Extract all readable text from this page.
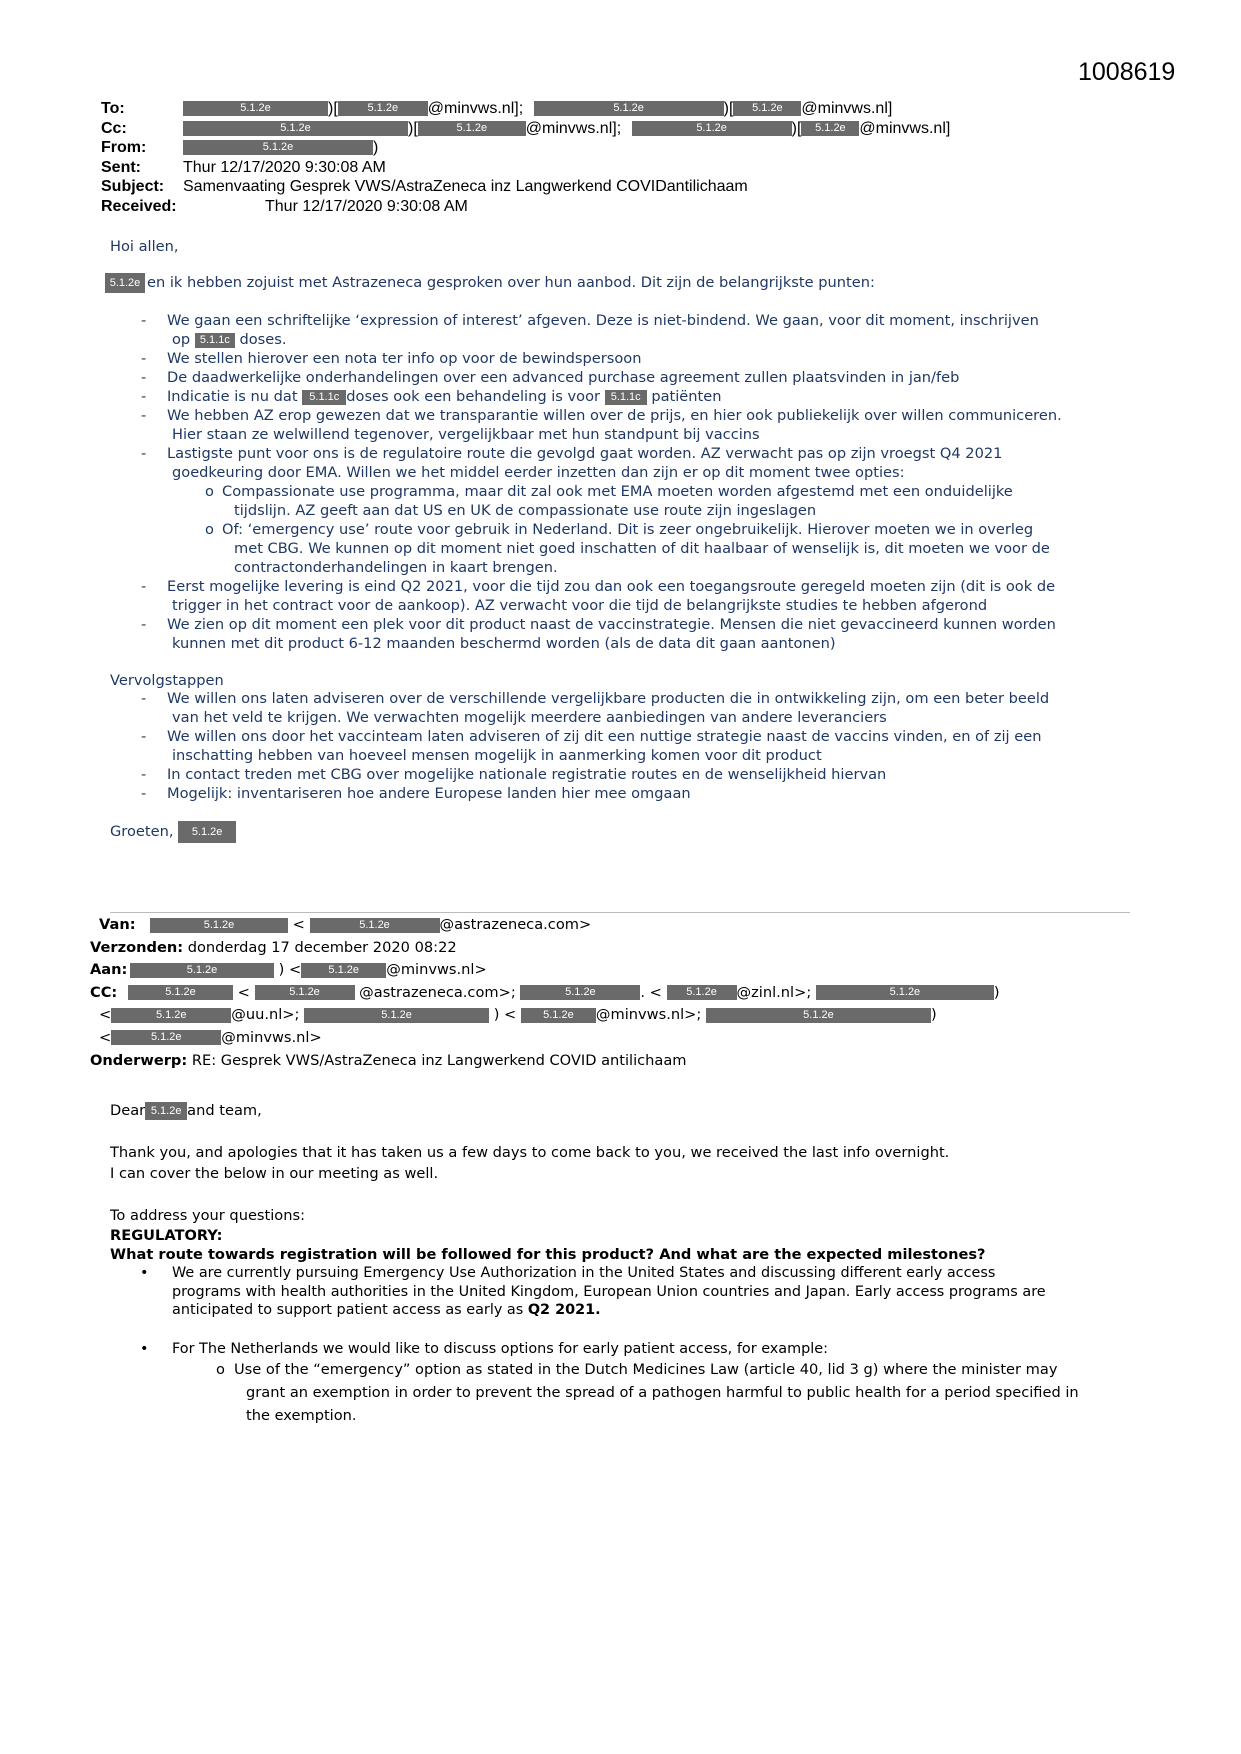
1008619
To:	5.1.2e	)[	5.1.2e @minvws.nl];	5.1.2e	)[ 5.1.2e @minvws.nl]
Cc:	5.1.2e	)[	5.1.2e @minvws.nl];	5.1.2e	)[ 5.1.2e @minvws.nl]
From:	5.1.2e	)
Sent:	Thur 12/17/2020 9:30:08 AM
Subject: Samenvaating Gesprek VWS/AstraZeneca inz Langwerkend COVIDantilichaam
Received:	Thur 12/17/2020 9:30:08 AM

Hoi allen,

5.1.2e en ik hebben zojuist met Astrazeneca gesproken over hun aanbod. Dit zijn de belangrijkste punten:

- We gaan een schriftelijke ‘expression of interest’ afgeven. Deze is niet-bindend. We gaan, voor dit moment, inschrijven
op 5.1.1c doses.
- We stellen hierover een nota ter info op voor de bewindspersoon
- De daadwerkelijke onderhandelingen over een advanced purchase agreement zullen plaatsvinden in jan/feb
- Indicatie is nu dat 5.1.1c doses ook een behandeling is voor 5.1.1c patiënten
- We hebben AZ erop gewezen dat we transparantie willen over de prijs, en hier ook publiekelijk over willen communiceren.
Hier staan ze welwillend tegenover, vergelijkbaar met hun standpunt bij vaccins
- Lastigste punt voor ons is de regulatoire route die gevolgd gaat worden. AZ verwacht pas op zijn vroegst Q4 2021
goedkeuring door EMA. Willen we het middel eerder inzetten dan zijn er op dit moment twee opties:
o Compassionate use programma, maar dit zal ook met EMA moeten worden afgestemd met een onduidelijke
tijdslijn. AZ geeft aan dat US en UK de compassionate use route zijn ingeslagen
o Of: ‘emergency use’ route voor gebruik in Nederland. Dit is zeer ongebruikelijk. Hierover moeten we in overleg
met CBG. We kunnen op dit moment niet goed inschatten of dit haalbaar of wenselijk is, dit moeten we voor de
contractonderhandelingen in kaart brengen.
- Eerst mogelijke levering is eind Q2 2021, voor die tijd zou dan ook een toegangsroute geregeld moeten zijn (dit is ook de
trigger in het contract voor de aankoop). AZ verwacht voor die tijd de belangrijkste studies te hebben afgerond
- We zien op dit moment een plek voor dit product naast de vaccinstrategie. Mensen die niet gevaccineerd kunnen worden
kunnen met dit product 6-12 maanden beschermd worden (als de data dit gaan aantonen)

Vervolgstappen

- We willen ons laten adviseren over de verschillende vergelijkbare producten die in ontwikkeling zijn, om een beter beeld
van het veld te krijgen. We verwachten mogelijk meerdere aanbiedingen van andere leveranciers
- We willen ons door het vaccinteam laten adviseren of zij dit een nuttige strategie naast de vaccins vinden, en of zij een
inschatting hebben van hoeveel mensen mogelijk in aanmerking komen voor dit product
- In contact treden met CBG over mogelijke nationale registratie routes en de wenselijkheid hiervan
- Mogelijk: inventariseren hoe andere Europese landen hier mee omgaan

Groeten, 5.1.2e

Van:	5.1.2e	<	5.1.2e	@astrazeneca.com>
Verzonden: donderdag 17 december 2020 08:22
Aan:	5.1.2e	) < 5.1.2e @minvws.nl>
CC:	5.1.2e	<	5.1.2e	@astrazeneca.com>;	5.1.2e	. < 5.1.2e @zinl.nl>;	5.1.2e	)
<	5.1.2e	@uu.nl>;	5.1.2e	) < 5.1.2e @minvws.nl>;	5.1.2e	)
<	5.1.2e	@minvws.nl>
Onderwerp: RE: Gesprek VWS/AstraZeneca inz Langwerkend COVID antilichaam

Dear 5.1.2e and team,

Thank you, and apologies that it has taken us a few days to come back to you, we received the last info overnight.

I can cover the below in our meeting as well.

To address your questions:

REGULATORY:

What route towards registration will be followed for this product? And what are the expected milestones?

• We are currently pursuing Emergency Use Authorization in the United States and discussing different early access
programs with health authorities in the United Kingdom, European Union countries and Japan. Early access programs are
anticipated to support patient access as early as Q2 2021.
• For The Netherlands we would like to discuss options for early patient access, for example:
o Use of the “emergency” option as stated in the Dutch Medicines Law (article 40, lid 3 g) where the minister may
grant an exemption in order to prevent the spread of a pathogen harmful to public health for a period specified in
the exemption.
